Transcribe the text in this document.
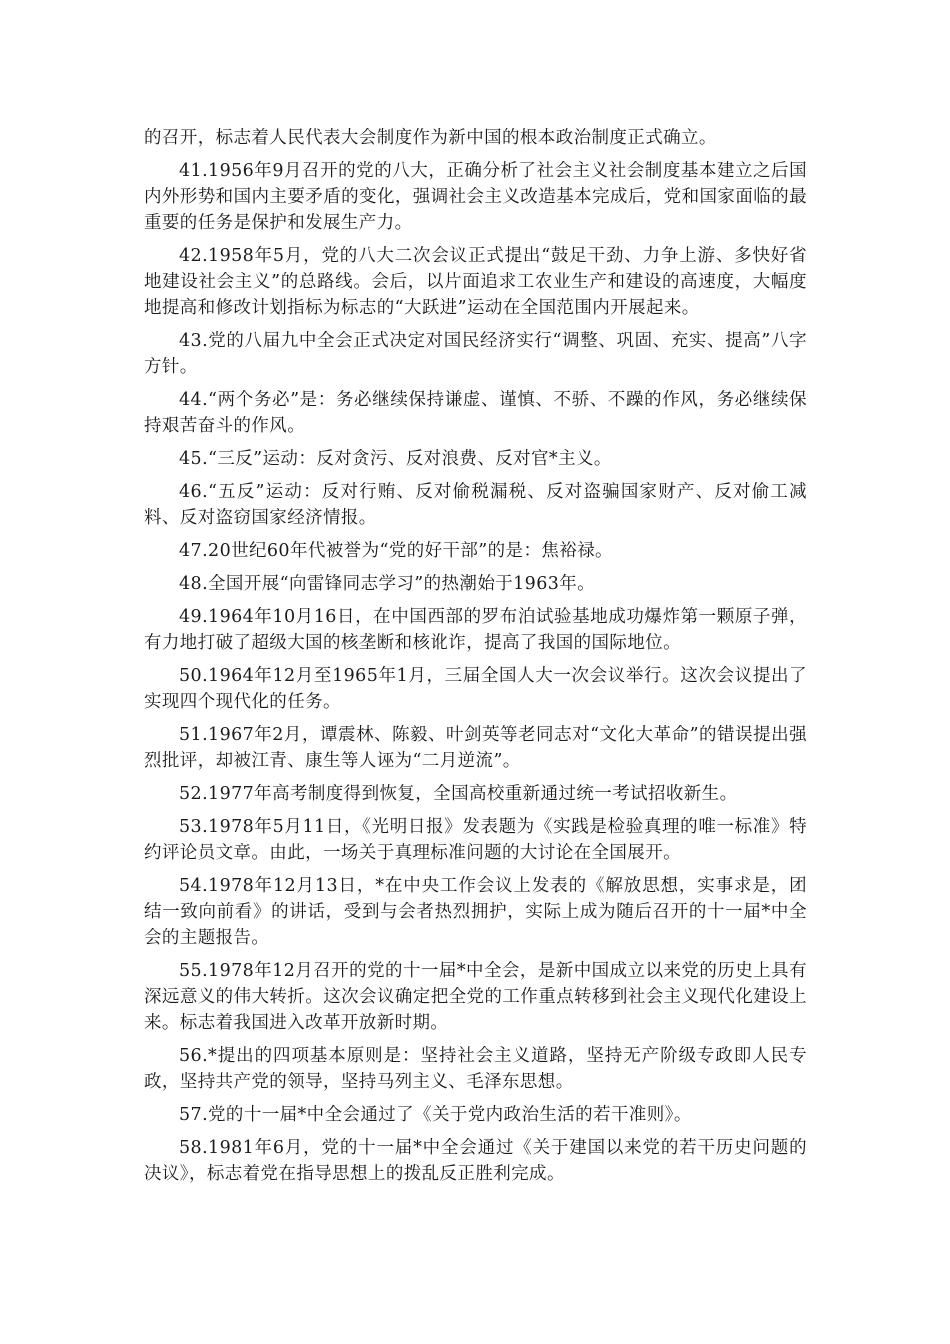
的召开，标志着人民代表大会制度作为新中国的根本政治制度正式确立。

41.1956年9月召开的党的八大，正确分析了社会主义社会制度基本建立之后国内外形势和国内主要矛盾的变化，强调社会主义改造基本完成后，党和国家面临的最重要的任务是保护和发展生产力。

42.1958年5月，党的八大二次会议正式提出“鼓足干劲、力争上游、多快好省地建设社会主义”的总路线。会后，以片面追求工农业生产和建设的高速度，大幅度地提高和修改计划指标为标志的“大跃进”运动在全国范围内开展起来。

43.党的八届九中全会正式决定对国民经济实行“调整、巩固、充实、提高”八字方针。

44.“两个务必”是：务必继续保持谦虚、谨慎、不骄、不躁的作风，务必继续保持艰苦奋斗的作风。

45.“三反”运动：反对贪污、反对浪费、反对官*主义。

46.“五反”运动：反对行贿、反对偷税漏税、反对盗骗国家财产、反对偷工减料、反对盗窃国家经济情报。

47.20世纪60年代被誉为“党的好干部”的是：焦裕禄。

48.全国开展“向雷锋同志学习”的热潮始于1963年。

49.1964年10月16日，在中国西部的罗布泊试验基地成功爆炸第一颗原子弹，有力地打破了超级大国的核垄断和核讹诈，提高了我国的国际地位。

50.1964年12月至1965年1月，三届全国人大一次会议举行。这次会议提出了实现四个现代化的任务。

51.1967年2月，谭震林、陈毅、叶剑英等老同志对“文化大革命”的错误提出强烈批评，却被江青、康生等人诬为“二月逆流”。

52.1977年高考制度得到恢复，全国高校重新通过统一考试招收新生。

53.1978年5月11日，《光明日报》发表题为《实践是检验真理的唯一标准》特约评论员文章。由此，一场关于真理标准问题的大讨论在全国展开。

54.1978年12月13日，*在中央工作会议上发表的《解放思想，实事求是，团结一致向前看》的讲话，受到与会者热烈拥护，实际上成为随后召开的十一届*中全会的主题报告。

55.1978年12月召开的党的十一届*中全会，是新中国成立以来党的历史上具有深远意义的伟大转折。这次会议确定把全党的工作重点转移到社会主义现代化建设上来。标志着我国进入改革开放新时期。

56.*提出的四项基本原则是：坚持社会主义道路，坚持无产阶级专政即人民专政，坚持共产党的领导，坚持马列主义、毛泽东思想。

57.党的十一届*中全会通过了《关于党内政治生活的若干准则》。

58.1981年6月，党的十一届*中全会通过《关于建国以来党的若干历史问题的决议》，标志着党在指导思想上的拨乱反正胜利完成。
